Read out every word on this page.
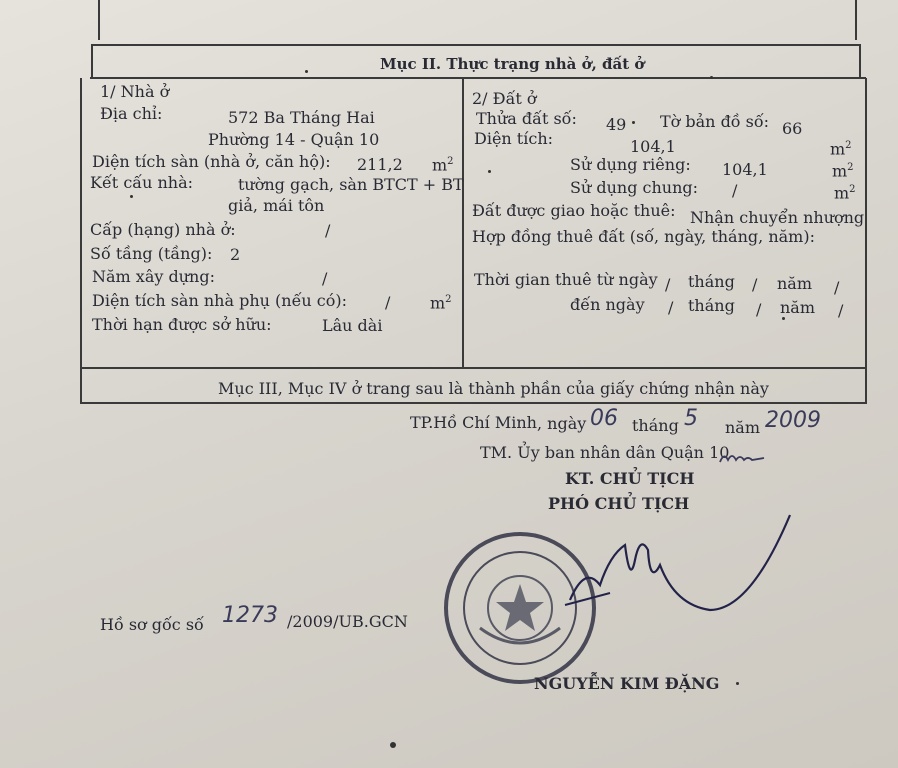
Mục II. Thực trạng nhà ở, đất ở
1/ Nhà ở
Địa chỉ:	572 Ba Tháng Hai
Phường 14 - Quận 10
Diện tích sàn (nhà ở, căn hộ): 211,2 $m^2$
Kết cấu nhà:	tường gạch, sàn BTCT + BT
giả, mái tôn
Cấp (hạng) nhà ở:	/
Số tầng (tầng): 2
Năm xây dựng:	/
Diện tích sàn nhà phụ (nếu có): / $m^2$
Thời hạn được sở hữu:	Lâu dài
2/ Đất ở
Thửa đất số: 49 Tờ bản đồ số: 66
Diện tích:	104,1	$m^2$
Sử dụng riêng: 104,1	$m^2$
Sử dụng chung: /	$m^2$
Đất được giao hoặc thuê: Nhận chuyển nhượng
Hợp đồng thuê đất (số, ngày, tháng, năm):
Thời gian thuê từ ngày / tháng / năm /
đến ngày / tháng / năm /
Mục III, Mục IV ở trang sau là thành phần của giấy chứng nhận này
TP.Hồ Chí Minh , ngày 06 tháng 5 năm 2009
TM. Ủy ban nhân dân Quận 10
KT. CHỦ TỊCH
PHÓ CHỦ TỊCH
NGUYỄN KIM ĐẶNG
Hồ sơ gốc số 1273 /2009/UB.GCN
